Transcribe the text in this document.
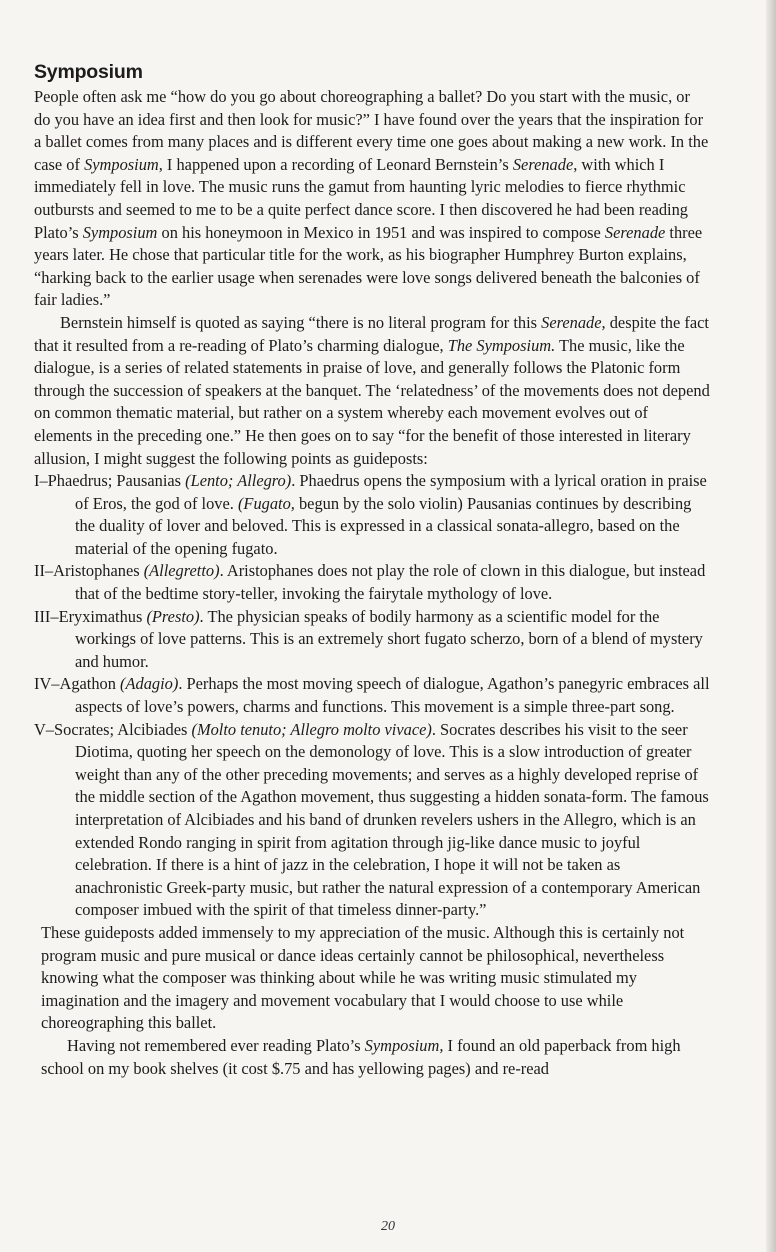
Symposium

People often ask me “how do you go about choreographing a ballet? Do you start with the music, or do you have an idea first and then look for music?” I have found over the years that the inspiration for a ballet comes from many places and is different every time one goes about making a new work. In the case of Symposium, I happened upon a recording of Leonard Bernstein’s Serenade, with which I immediately fell in love. The music runs the gamut from haunting lyric melodies to fierce rhythmic outbursts and seemed to me to be a quite perfect dance score. I then discovered he had been reading Plato’s Symposium on his honeymoon in Mexico in 1951 and was inspired to compose Serenade three years later. He chose that particular title for the work, as his biographer Humphrey Burton explains, “harking back to the earlier usage when serenades were love songs delivered beneath the balconies of fair ladies.”

Bernstein himself is quoted as saying “there is no literal program for this Serenade, despite the fact that it resulted from a re-reading of Plato’s charming dialogue, The Symposium. The music, like the dialogue, is a series of related statements in praise of love, and generally follows the Platonic form through the succession of speakers at the banquet. The ‘relatedness’ of the movements does not depend on common thematic material, but rather on a system whereby each movement evolves out of elements in the preceding one.” He then goes on to say “for the benefit of those interested in literary allusion, I might suggest the following points as guideposts:

I–Phaedrus; Pausanias (Lento; Allegro). Phaedrus opens the symposium with a lyrical oration in praise of Eros, the god of love. (Fugato, begun by the solo violin) Pausanias continues by describing the duality of lover and beloved. This is expressed in a classical sonata-allegro, based on the material of the opening fugato.

II–Aristophanes (Allegretto). Aristophanes does not play the role of clown in this dialogue, but instead that of the bedtime story-teller, invoking the fairytale mythology of love.

III–Eryximathus (Presto). The physician speaks of bodily harmony as a scientific model for the workings of love patterns. This is an extremely short fugato scherzo, born of a blend of mystery and humor.

IV–Agathon (Adagio). Perhaps the most moving speech of dialogue, Agathon’s panegyric embraces all aspects of love’s powers, charms and functions. This movement is a simple three-part song.

V–Socrates; Alcibiades (Molto tenuto; Allegro molto vivace). Socrates describes his visit to the seer Diotima, quoting her speech on the demonology of love. This is a slow introduction of greater weight than any of the other preceding movements; and serves as a highly developed reprise of the middle section of the Agathon movement, thus suggesting a hidden sonata-form. The famous interpretation of Alcibiades and his band of drunken revelers ushers in the Allegro, which is an extended Rondo ranging in spirit from agitation through jig-like dance music to joyful celebration. If there is a hint of jazz in the celebration, I hope it will not be taken as anachronistic Greek-party music, but rather the natural expression of a contemporary American composer imbued with the spirit of that timeless dinner-party.”

These guideposts added immensely to my appreciation of the music. Although this is certainly not program music and pure musical or dance ideas certainly cannot be philosophical, nevertheless knowing what the composer was thinking about while he was writing music stimulated my imagination and the imagery and movement vocabulary that I would choose to use while choreographing this ballet.

Having not remembered ever reading Plato’s Symposium, I found an old paperback from high school on my book shelves (it cost $.75 and has yellowing pages) and re-read

20
